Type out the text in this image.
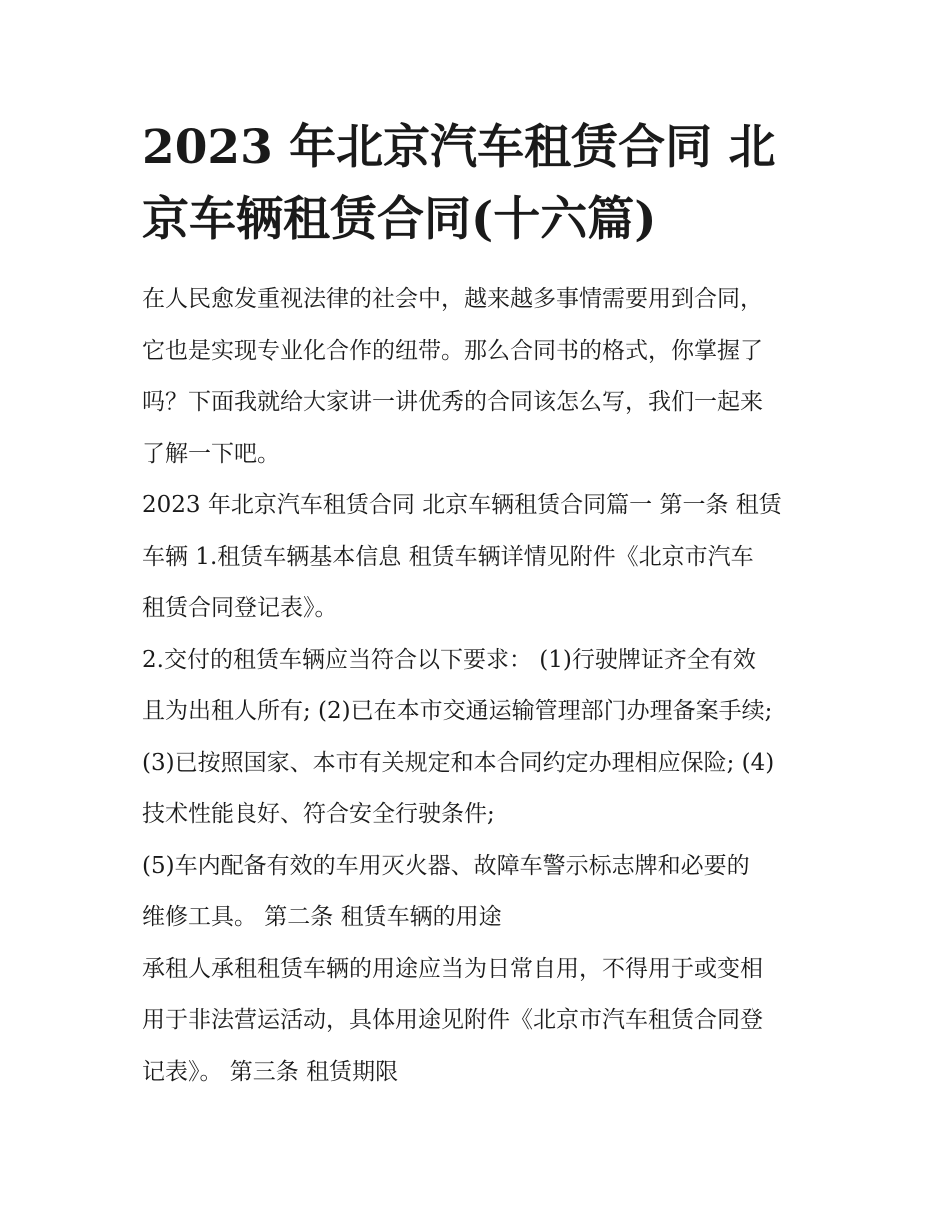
2023 年北京汽车租赁合同 北
京车辆租赁合同(十六篇)

在人民愈发重视法律的社会中，越来越多事情需要用到合同，
它也是实现专业化合作的纽带。那么合同书的格式，你掌握了
吗？下面我就给大家讲一讲优秀的合同该怎么写，我们一起来
了解一下吧。

2023 年北京汽车租赁合同 北京车辆租赁合同篇一 第一条 租赁
车辆 1.租赁车辆基本信息 租赁车辆详情见附件《北京市汽车
租赁合同登记表》。

2.交付的租赁车辆应当符合以下要求： (1)行驶牌证齐全有效
且为出租人所有; (2)已在本市交通运输管理部门办理备案手续;
(3)已按照国家、本市有关规定和本合同约定办理相应保险; (4)
技术性能良好、符合安全行驶条件;

(5)车内配备有效的车用灭火器、故障车警示标志牌和必要的
维修工具。 第二条 租赁车辆的用途

承租人承租租赁车辆的用途应当为日常自用，不得用于或变相
用于非法营运活动，具体用途见附件《北京市汽车租赁合同登
记表》。 第三条 租赁期限
